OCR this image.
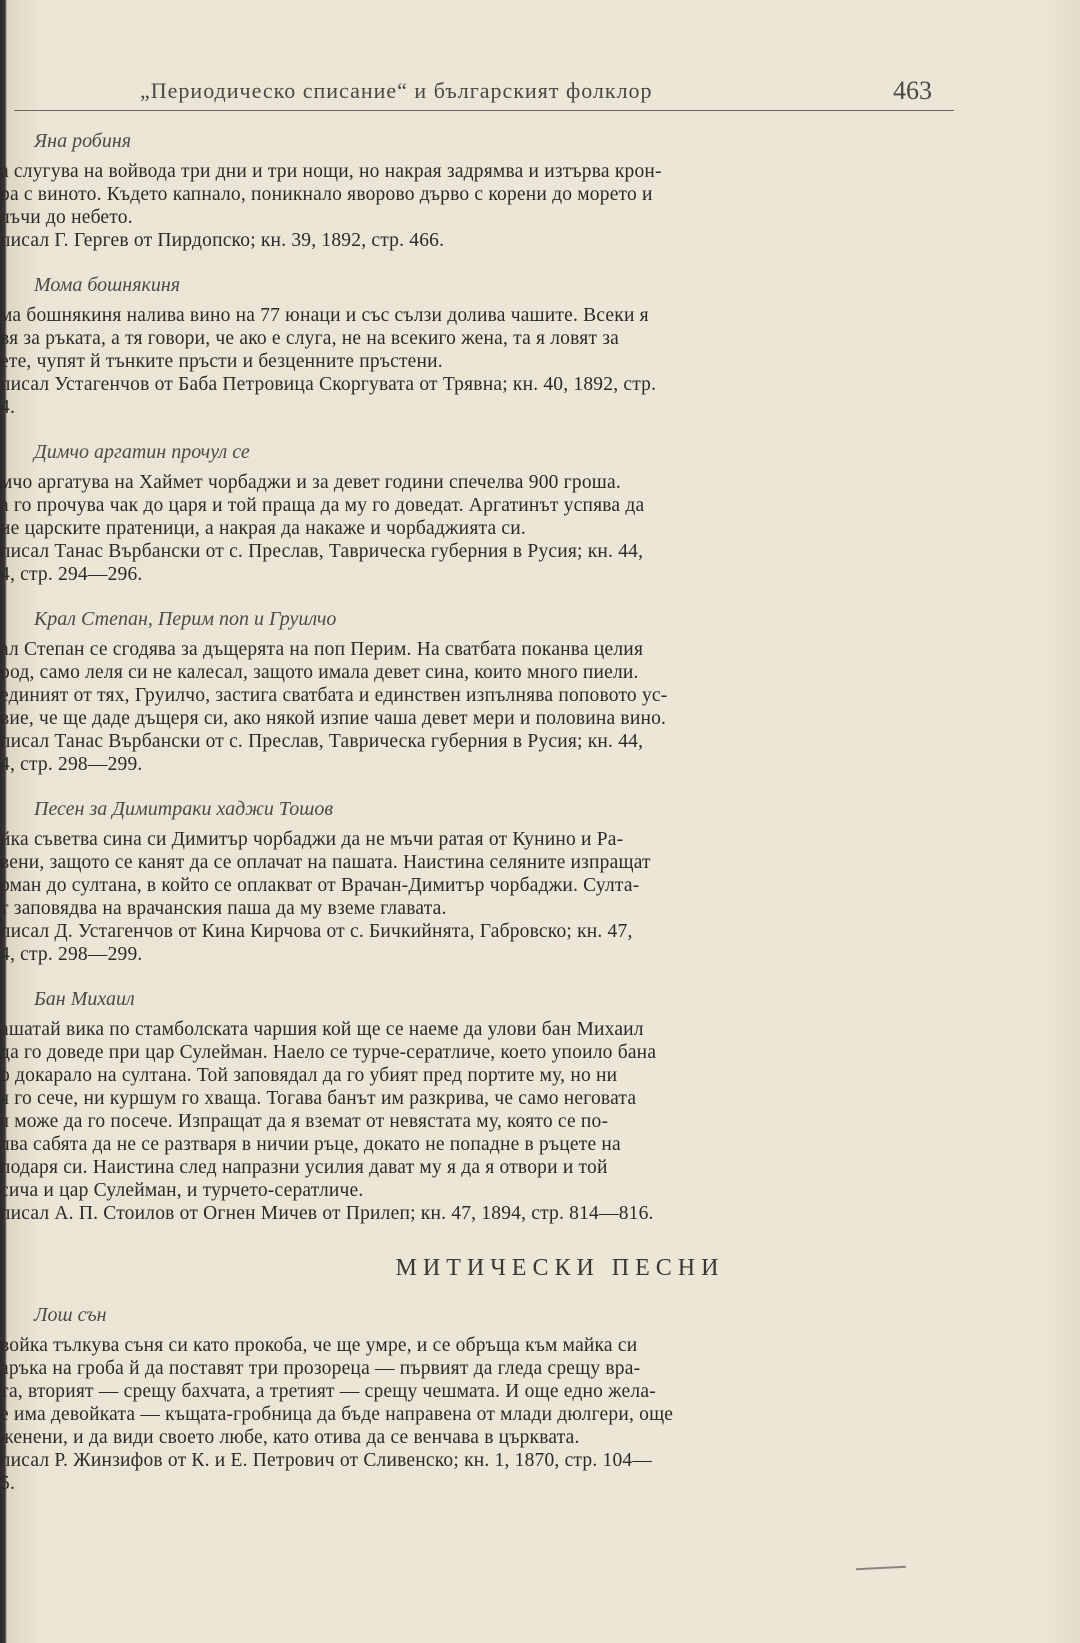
„Периодическо списание“ и българският фолклор	463
Яна робиня

а слугува на войвода три дни и три нощи, но накрая задрямва и изтърва крон-

ра с виното. Където капнало, поникнало яворово дърво с корени до морето и

лъчи до небето.

писал Г. Гергев от Пирдопско; кн. 39, 1892, стр. 466.

Мома бошнякиня

ма бошнякиня налива вино на 77 юнаци и със сълзи долива чашите. Всеки я

вя за ръката, а тя говори, че ако е слуга, не на всекиго жена, та я ловят за

ете, чупят й тънките пръсти и безценните пръстени.

писал Устагенчов от Баба Петровица Скоргувата от Трявна; кн. 40, 1892, стр.

4.

Димчо аргатин прочул се

мчо аргатува на Хаймет чорбаджи и за девет години спечелва 900 гроша.

а го прочува чак до царя и той праща да му го доведат. Аргатинът успява да

ие царските пратеници, а накрая да накаже и чорбаджията си.

писал Танас Върбански от с. Преслав, Таврическа губерния в Русия; кн. 44,

4, стр. 294—296.

Крал Степан, Перим поп и Груилчо

ал Степан се сгодява за дъщерята на поп Перим. На сватбата поканва целия

род, само леля си не калесал, защото имала девет сина, които много пиели.

единият от тях, Груилчо, застига сватбата и единствен изпълнява поповото ус-

вие, че ще даде дъщеря си, ако някой изпие чаша девет мери и половина вино.

писал Танас Върбански от с. Преслав, Таврическа губерния в Русия; кн. 44,

4, стр. 298—299.

Песен за Димитраки хаджи Тошов

йка съветва сина си Димитър чорбаджи да не мъчи ратая от Кунино и Ра-

вени, защото се канят да се оплачат на пашата. Наистина селяните изпращат

рман до султана, в който се оплакват от Врачан-Димитър чорбаджи. Султа-

т заповядва на врачанския паша да му вземе главата.

писал Д. Устагенчов от Кина Кирчова от с. Бичкийнята, Габровско; кн. 47,

4, стр. 298—299.

Бан Михаил

ашатай вика по стамболската чаршия кой ще се наеме да улови бан Михаил

да го доведе при цар Сулейман. Наело се турче-сератличе, което упоило бана

о докарало на султана. Той заповядал да го убият пред портите му, но ни

я го сече, ни куршум го хваща. Тогава банът им разкрива, че само неговата

я може да го посече. Изпращат да я вземат от невястата му, която се по-

лва сабята да не се разтваря в ничии ръце, докато не попадне в ръцете на

подаря си. Наистина след напразни усилия дават му я да я отвори и той

сича и цар Сулейман, и турчето-сератличе.

писал А. П. Стоилов от Огнен Мичев от Прилеп; кн. 47, 1894, стр. 814—816.

МИТИЧЕСКИ ПЕСНИ
Лош сън

войка тълкува съня си като прокоба, че ще умре, и се обръща към майка си

аръка на гроба й да поставят три прозореца — първият да гледа срещу вра-

та, вторият — срещу бахчата, а третият — срещу чешмата. И още едно жела-

е има девойката — къщата-гробница да бъде направена от млади дюлгери, още

женени, и да види своето любе, като отива да се венчава в църквата.

писал Р. Жинзифов от К. и Е. Петрович от Сливенско; кн. 1, 1870, стр. 104—

5.
